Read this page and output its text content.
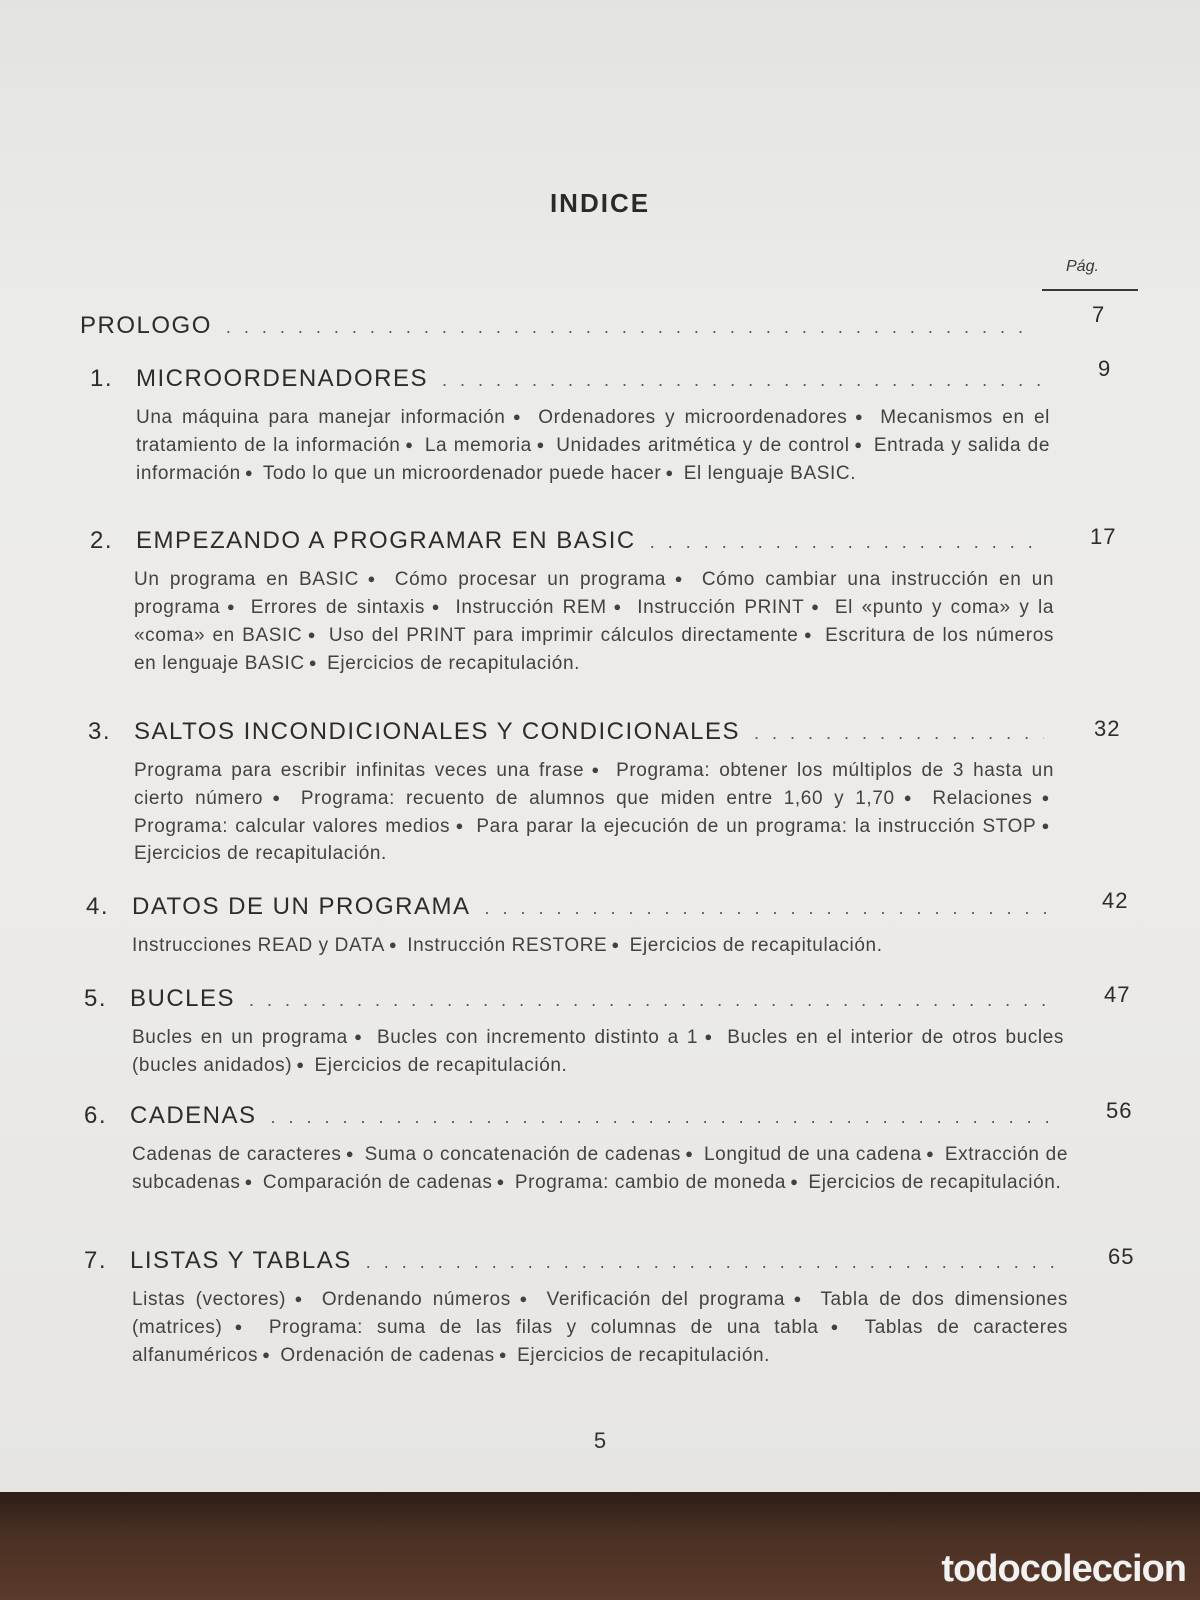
INDICE
Pág.
PROLOGO
. . .	7
1. MICROORDENADORES
. . .
Una máquina para manejar información ● Ordenadores y microordenadores ● Mecanismos en el tratamiento de la información ● La memoria ● Unidades aritmética y de control ● Entrada y salida de información ● Todo lo que un microordenador puede hacer ● El lenguaje BASIC.
9
2. EMPEZANDO A PROGRAMAR EN BASIC
. . .
Un programa en BASIC ● Cómo procesar un programa ● Cómo cambiar una instrucción en un programa ● Errores de sintaxis ● Instrucción REM ● Instrucción PRINT ● El «punto y coma» y la «coma» en BASIC ● Uso del PRINT para imprimir cálculos directamente ● Escritura de los números en lenguaje BASIC ● Ejercicios de recapitulación.
17
3. SALTOS INCONDICIONALES Y CONDICIONALES
. . .
Programa para escribir infinitas veces una frase ● Programa: obtener los múltiplos de 3 hasta un cierto número ● Programa: recuento de alumnos que miden entre 1,60 y 1,70 ● Relaciones ● Programa: calcular valores medios ● Para parar la ejecución de un programa: la instrucción STOP ● Ejercicios de recapitulación.
32
4. DATOS DE UN PROGRAMA
. . .
Instrucciones READ y DATA ● Instrucción RESTORE ● Ejercicios de recapitulación.
42
5. BUCLES
. . .
Bucles en un programa ● Bucles con incremento distinto a 1 ● Bucles en el interior de otros bucles (bucles anidados) ● Ejercicios de recapitulación.
47
6. CADENAS
. . .
Cadenas de caracteres ● Suma o concatenación de cadenas ● Longitud de una cadena ● Extracción de subcadenas ● Comparación de cadenas ● Programa: cambio de moneda ● Ejercicios de recapitulación.
56
7. LISTAS Y TABLAS
. . .
Listas (vectores) ● Ordenando números ● Verificación del programa ● Tabla de dos dimensiones (matrices) ● Programa: suma de las filas y columnas de una tabla ● Tablas de caracteres alfanuméricos ● Ordenación de cadenas ● Ejercicios de recapitulación.
65
5
todocoleccion
